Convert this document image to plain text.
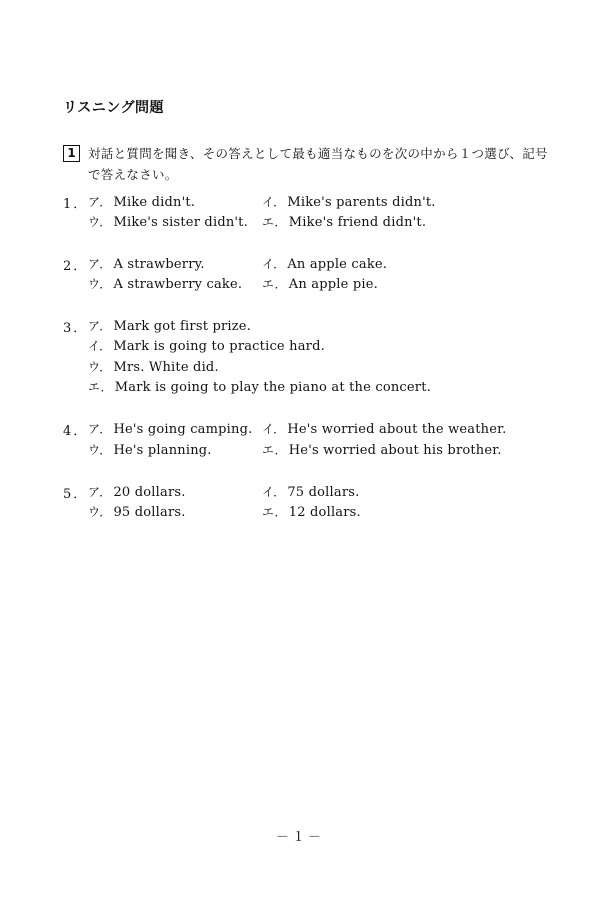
リスニング問題
1 対話と質問を聞き、その答えとして最も適当なものを次の中から１つ選び、記号で答えなさい。
1． ア． Mike didn't.	イ． Mike's parents didn't.
ウ． Mike's sister didn't. エ． Mike's friend didn't.
2． ア． A strawberry.	イ． An apple cake.
ウ． A strawberry cake. エ． An apple pie.
3． ア． Mark got first prize.
イ． Mark is going to practice hard.
ウ． Mrs. White did.
エ． Mark is going to play the piano at the concert.
4． ア． He's going camping. イ． He's worried about the weather.
ウ． He's planning.	エ． He's worried about his brother.
5． ア． 20 dollars.	イ． 75 dollars.
ウ． 95 dollars.	エ． 12 dollars.
－１－
